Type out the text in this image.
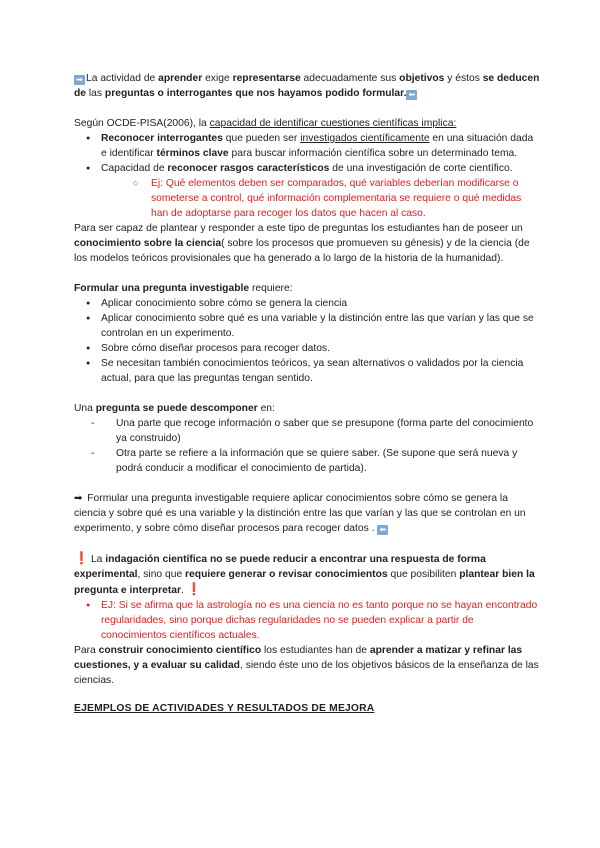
➡ La actividad de aprender exige representarse adecuadamente sus objetivos y éstos se deducen de las preguntas o interrogantes que nos hayamos podido formular. ⬅

Según OCDE-PISA(2006), la capacidad de identificar cuestiones científicas implica:

● Reconocer interrogantes que pueden ser investigados científicamente en una situación dada e identificar términos clave para buscar información científica sobre un determinado tema.
● Capacidad de reconocer rasgos característicos de una investigación de corte científico.
○ Ej: Qué elementos deben ser comparados, qué variables deberían modificarse o someterse a control, qué información complementaria se requiere o qué medidas han de adoptarse para recoger los datos que hacen al caso.

Para ser capaz de plantear y responder a este tipo de preguntas los estudiantes han de poseer un conocimiento sobre la ciencia( sobre los procesos que promueven su génesis) y de la ciencia (de los modelos teóricos provisionales que ha generado a lo largo de la historia de la humanidad).

Formular una pregunta investigable requiere:

● Aplicar conocimiento sobre cómo se genera la ciencia
● Aplicar conocimiento sobre qué es una variable y la distinción entre las que varían y las que se controlan en un experimento.
● Sobre cómo diseñar procesos para recoger datos.
● Se necesitan también conocimientos teóricos, ya sean alternativos o validados por la ciencia actual, para que las preguntas tengan sentido.

Una pregunta se puede descomponer en:

- Una parte que recoge información o saber que se presupone (forma parte del conocimiento ya construido)
- Otra parte se refiere a la información que se quiere saber. (Se supone que será nueva y podrá conducir a modificar el conocimiento de partida).

➡ Formular una pregunta investigable requiere aplicar conocimientos sobre cómo se genera la ciencia y sobre qué es una variable y la distinción entre las que varían y las que se controlan en un experimento, y sobre cómo diseñar procesos para recoger datos . ⬅

❗ La indagación científica no se puede reducir a encontrar una respuesta de forma experimental, sino que requiere generar o revisar conocimientos que posibiliten plantear bien la pregunta e interpretar. ❗

● EJ: Si se afirma que la astrología no es una ciencia no es tanto porque no se hayan encontrado regularidades, sino porque dichas regularidades no se pueden explicar a partir de conocimientos científicos actuales.

Para construir conocimiento científico los estudiantes han de aprender a matizar y refinar las cuestiones, y a evaluar su calidad, siendo éste uno de los objetivos básicos de la enseñanza de las ciencias.

EJEMPLOS DE ACTIVIDADES Y RESULTADOS DE MEJORA
